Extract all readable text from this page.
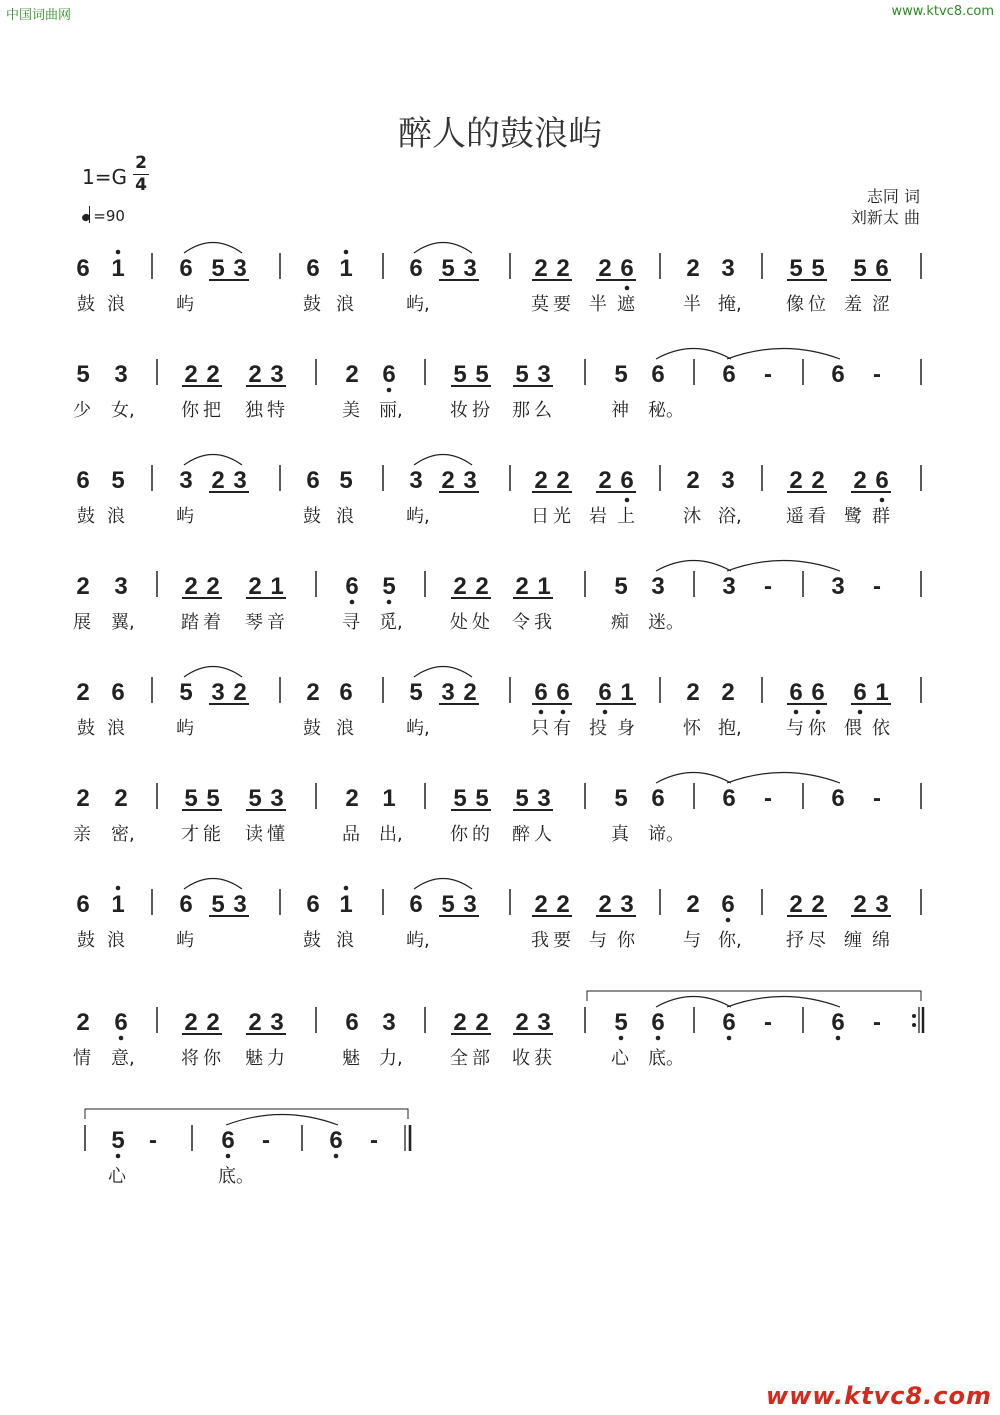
中国词曲网	www.ktvc8.com
醉人的鼓浪屿
1=G
2
4
=90
志同 词
刘新太 曲
6 1 6 5 3 6 1 6 5 3 2 2 2 6 2 3 5 5 5 6
鼓 浪	屿	鼓 浪	屿,	莫 要 半 遮	半 掩, 像 位 羞 涩
5 3 2 2 2 3	2 6 5 5 5 3	5 6 6 - 6 -
少 女,	你 把 独 特	美 丽,	妆 扮 那 么	神 秘。
6 5 3 2 3 6 5 3 2 3 2 2 2 6 2 3 2 2 2 6
鼓 浪	屿	鼓 浪	屿,	日 光 岩 上	沐 浴, 遥 看 鹭 群
2 3 2 2 2 1	6 5 2 2 2 1	5 3 3 - 3 -
展 翼,	踏 着 琴 音	寻 觅,	处 处 令 我	痴 迷。
2 6 5 3 2 2 6 5 3 2 6 6 6 1 2 2 6 6 6 1
鼓 浪	屿	鼓 浪	屿,	只 有 投 身	怀 抱, 与 你 偎 依
2 2 5 5 5 3	2 1 5 5 5 3	5 6 6 - 6 -
亲 密,	才 能 读 懂	品 出,	你 的 醉 人	真 谛。
6 1 6 5 3 6 1 6 5 3 2 2 2 3 2 6 2 2 2 3
鼓 浪	屿	鼓 浪	屿,	我 要 与 你	与 你, 抒 尽 缠 绵
2 6 2 2 2 3	6 3 2 2 2 3	5 6 6 - 6 -
情 意,	将 你 魅 力	魅 力,	全 部 收 获	心 底。
5 -	6 - 6 -
心	底。
www.ktvc8.com
